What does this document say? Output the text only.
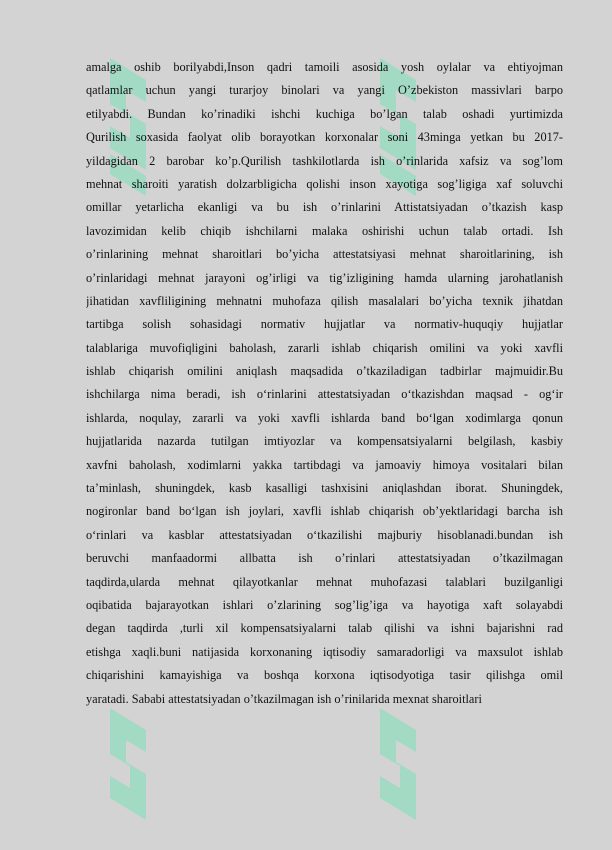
amalga oshib borilyabdi,Inson qadri tamoili asosida yosh oylalar va ehtiyojman
qatlamlar uchun yangi turarjoy binolari va yangi O’zbekiston massivlari barpo
etilyabdi. Bundan ko’rinadiki ishchi kuchiga bo’lgan talab oshadi yurtimizda
Qurilish soxasida faolyat olib borayotkan korxonalar soni 43minga yetkan bu 2017-
yildagidan 2 barobar ko’p.Qurilish tashkilotlarda ish o’rinlarida xafsiz va sog’lom
mehnat sharoiti yaratish dolzarbligicha qolishi inson xayotiga sog’ligiga xaf soluvchi
omillar yetarlicha ekanligi va bu ish o’rinlarini Attistatsiyadan o’tkazish kasp
lavozimidan kelib chiqib ishchilarni malaka oshirishi uchun talab ortadi. Ish
o’rinlarining mehnat sharoitlari bo’yicha attestatsiyasi mehnat sharoitlarining, ish
o’rinlaridagi mehnat jarayoni og’irligi va tig’izligining hamda ularning jarohatlanish
jihatidan xavfliligining mehnatni muhofaza qilish masalalari bo’yicha texnik jihatdan
tartibga solish sohasidagi normativ hujjatlar va normativ-huquqiy hujjatlar
talablariga muvofiqligini baholash, zararli ishlab chiqarish omilini va yoki xavfli
ishlab chiqarish omilini aniqlash maqsadida o’tkaziladigan tadbirlar majmuidir.Bu
ishchilarga nima beradi, ish o‘rinlarini attestatsiyadan o‘tkazishdan maqsad - og‘ir
ishlarda, noqulay, zararli va yoki xavfli ishlarda band bo‘lgan xodimlarga qonun
hujjatlarida nazarda tutilgan imtiyozlar va kompensatsiyalarni belgilash, kasbiy
xavfni baholash, xodimlarni yakka tartibdagi va jamoaviy himoya vositalari bilan
ta’minlash, shuningdek, kasb kasalligi tashxisini aniqlashdan iborat. Shuningdek,
nogironlar band bo‘lgan ish joylari, xavfli ishlab chiqarish ob’yektlaridagi barcha ish
o‘rinlari va kasblar attestatsiyadan o‘tkazilishi majburiy hisoblanadi.bundan ish
beruvchi manfaadormi allbatta ish o’rinlari attestatsiyadan o’tkazilmagan
taqdirda,ularda mehnat qilayotkanlar mehnat muhofazasi talablari buzilganligi
oqibatida bajarayotkan ishlari o’zlarining sog’lig’iga va hayotiga xaft solayabdi
degan taqdirda ,turli xil kompensatsiyalarni talab qilishi va ishni bajarishni rad
etishga xaqli.buni natijasida korxonaning iqtisodiy samaradorligi va maxsulot ishlab
chiqarishini kamayishiga va boshqa korxona iqtisodyotiga tasir qilishga omil
yaratadi. Sababi attestatsiyadan o’tkazilmagan ish o’rinilarida mexnat sharoitlari
